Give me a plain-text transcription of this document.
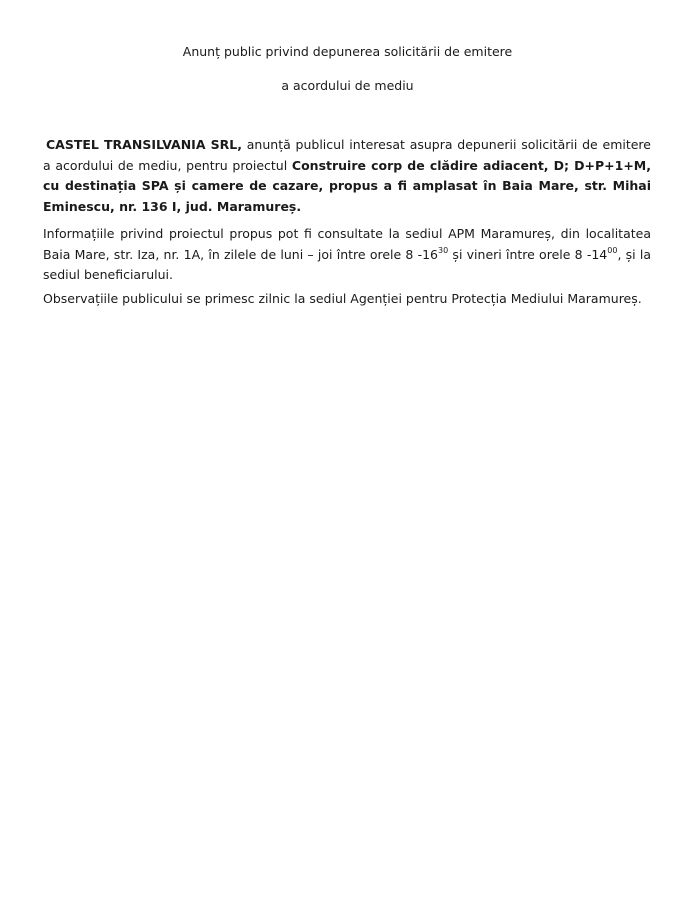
Anunț public privind depunerea solicitării de emitere
a acordului de mediu
CASTEL TRANSILVANIA SRL, anunță publicul interesat asupra depunerii solicitării de emitere a acordului de mediu, pentru proiectul Construire corp de clădire adiacent, D; D+P+1+M, cu destinația SPA și camere de cazare, propus a fi amplasat în Baia Mare, str. Mihai Eminescu, nr. 136 I, jud. Maramureș.
Informațiile privind proiectul propus pot fi consultate la sediul APM Maramureș, din localitatea Baia Mare, str. Iza, nr. 1A, în zilele de luni – joi între orele 8 $-16^{30}$ și vineri între orele 8 $-14^{00}$, și la sediul beneficiarului.
Observațiile publicului se primesc zilnic la sediul Agenției pentru Protecția Mediului Maramureș.
